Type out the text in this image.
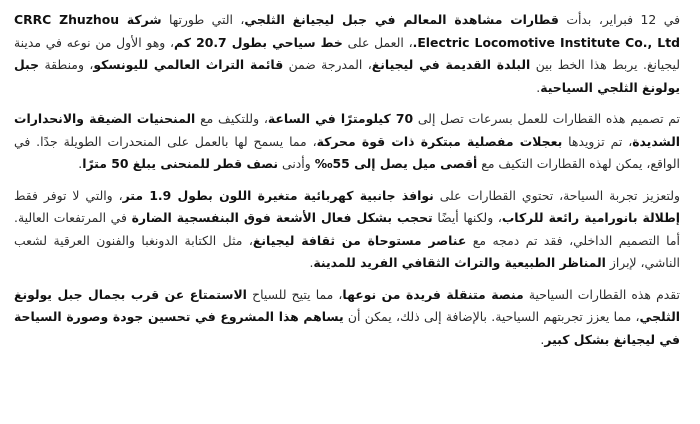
في 12 فبراير، بدأت قطارات مشاهدة المعالم في جبل ليجيانغ الثلجي، التي طورتها شركة CRRC Zhuzhou Electric Locomotive Institute Co., Ltd.، العمل على خط سياحي بطول 20.7 كم، وهو الأول من نوعه في مدينة ليجيانغ. يربط هذا الخط بين البلدة القديمة في ليجيانغ، المدرجة ضمن قائمة التراث العالمي لليونسكو، ومنطقة جبل يولونغ الثلجي السياحية.

تم تصميم هذه القطارات للعمل بسرعات تصل إلى 70 كيلومترًا في الساعة، وللتكيف مع المنحنيات الضيقة والانحدارات الشديدة، تم تزويدها بعجلات مفصلية مبتكرة ذات قوة محركة، مما يسمح لها بالعمل على المنحدرات الطويلة جدًا. في الواقع، يمكن لهذه القطارات التكيف مع أقصى ميل يصل إلى 55‰ وأدنى نصف قطر للمنحنى يبلغ 50 مترًا.

ولتعزيز تجربة السياحة، تحتوي القطارات على نوافذ جانبية كهربائية متغيرة اللون بطول 1.9 متر، والتي لا توفر فقط إطلالة بانورامية رائعة للركاب، ولكنها أيضًا تحجب بشكل فعال الأشعة فوق البنفسجية الضارة في المرتفعات العالية. أما التصميم الداخلي، فقد تم دمجه مع عناصر مستوحاة من ثقافة ليجيانغ، مثل الكتابة الدونغبا والفنون العرقية لشعب الناشي، لإبراز المناظر الطبيعية والتراث الثقافي الفريد للمدينة.

تقدم هذه القطارات السياحية منصة متنقلة فريدة من نوعها، مما يتيح للسياح الاستمتاع عن قرب بجمال جبل يولونغ الثلجي، مما يعزز تجربتهم السياحية. بالإضافة إلى ذلك، يمكن أن يساهم هذا المشروع في تحسين جودة وصورة السياحة في ليجيانغ بشكل كبير.
